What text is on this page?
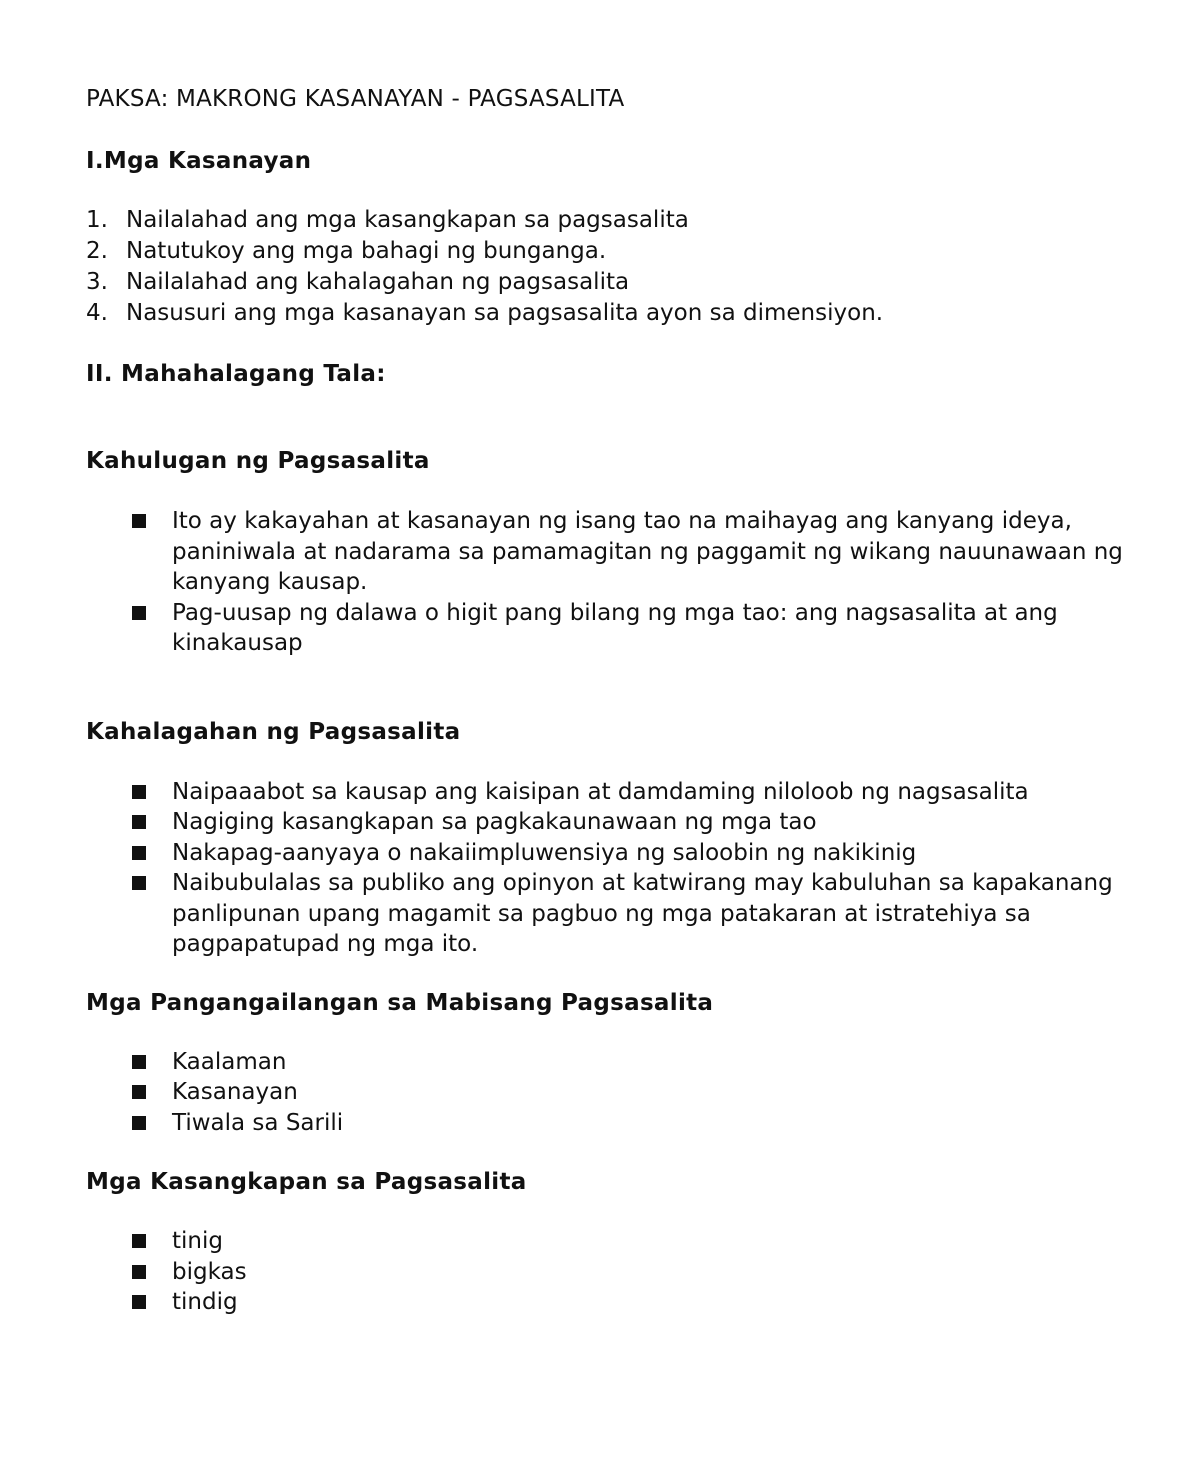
PAKSA: MAKRONG KASANAYAN - PAGSASALITA
I.Mga Kasanayan
1. Nailalahad ang mga kasangkapan sa pagsasalita
2. Natutukoy ang mga bahagi ng bunganga.
3. Nailalahad ang kahalagahan ng pagsasalita
4. Nasusuri ang mga kasanayan sa pagsasalita ayon sa dimensiyon.
II. Mahahalagang Tala:
Kahulugan ng Pagsasalita
Ito ay kakayahan at kasanayan ng isang tao na maihayag ang kanyang ideya, paniniwala at nadarama sa pamamagitan ng paggamit ng wikang nauunawaan ng kanyang kausap.
Pag-uusap ng dalawa o higit pang bilang ng mga tao: ang nagsasalita at ang kinakausap
Kahalagahan ng Pagsasalita
Naipaaabot sa kausap ang kaisipan at damdaming niloloob ng nagsasalita
Nagiging kasangkapan sa pagkakaunawaan ng mga tao
Nakapag-aanyaya o nakaiimpluwensiya ng saloobin ng nakikinig
Naibubulalas sa publiko ang opinyon at katwirang may kabuluhan sa kapakanang panlipunan upang magamit sa pagbuo ng mga patakaran at istratehiya sa pagpapatupad ng mga ito.
Mga Pangangailangan sa Mabisang Pagsasalita
Kaalaman
Kasanayan
Tiwala sa Sarili
Mga Kasangkapan sa Pagsasalita
tinig
bigkas
tindig
